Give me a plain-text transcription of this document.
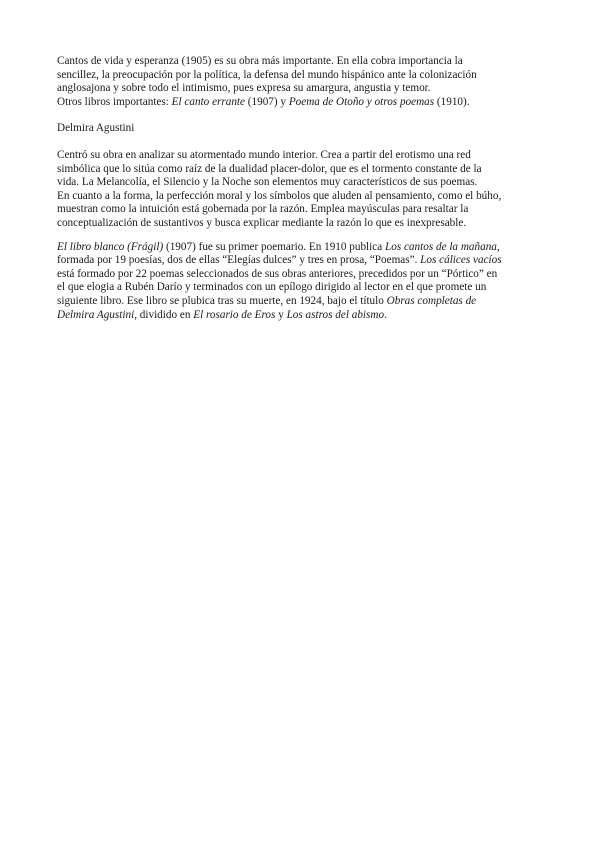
Cantos de vida y esperanza (1905) es su obra más importante. En ella cobra importancia la
sencillez, la preocupación por la política, la defensa del mundo hispánico ante la colonización
anglosajona y sobre todo el intimismo, pues expresa su amargura, angustia y temor.
Otros libros importantes: El canto errante (1907) y Poema de Otoño y otros poemas (1910).

Delmira Agustini

Centró su obra en analizar su atormentado mundo interior. Crea a partir del erotismo una red
simbólica que lo sitúa como raíz de la dualidad placer-dolor, que es el tormento constante de la
vida. La Melancolía, el Silencio y la Noche son elementos muy característicos de sus poemas.
En cuanto a la forma, la perfección moral y los símbolos que aluden al pensamiento, como el búho,
muestran como la intuición está gobernada por la razón. Emplea mayúsculas para resaltar la
conceptualización de sustantivos y busca explicar mediante la razón lo que es inexpresable.

El libro blanco (Frágil) (1907) fue su primer poemario. En 1910 publica Los cantos de la mañana,
formada por 19 poesías, dos de ellas “Elegías dulces” y tres en prosa, “Poemas”. Los cálices vacíos
está formado por 22 poemas seleccionados de sus obras anteriores, precedidos por un “Pórtico” en
el que elogia a Rubén Darío y terminados con un epílogo dirigido al lector en el que promete un
siguiente libro. Ese libro se plubica tras su muerte, en 1924, bajo el título Obras completas de
Delmira Agustini, dividido en El rosario de Eros y Los astros del abismo.
